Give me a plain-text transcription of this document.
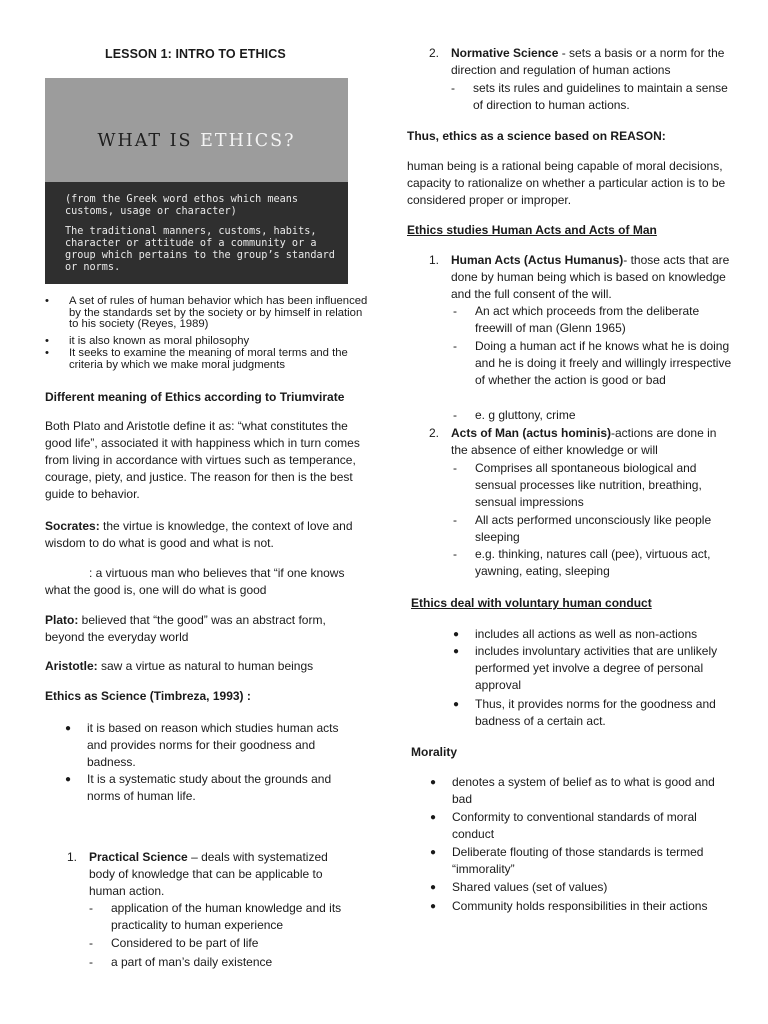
LESSON 1: INTRO TO ETHICS
WHAT IS ETHICS?
(from the Greek word ethos which means customs, usage or character)
The traditional manners, customs, habits, character or attitude of a community or a group which pertains to the group’s standard or norms.
• A set of rules of human behavior which has been influenced by the standards set by the society or by himself in relation to his society (Reyes, 1989)
• it is also known as moral philosophy
• It seeks to examine the meaning of moral terms and the criteria by which we make moral judgments

Different meaning of Ethics according to Triumvirate

Both Plato and Aristotle define it as: “what constitutes the good life”, associated it with happiness which in turn comes from living in accordance with virtues such as temperance, courage, piety, and justice. The reason for then is the best guide to behavior.

Socrates: the virtue is knowledge, the context of love and wisdom to do what is good and what is not.

: a virtuous man who believes that “if one knows what the good is, one will do what is good

Plato: believed that “the good” was an abstract form, beyond the everyday world

Aristotle: saw a virtue as natural to human beings

Ethics as Science (Timbreza, 1993) :

● it is based on reason which studies human acts and provides norms for their goodness and badness.
● It is a systematic study about the grounds and norms of human life.
1. Practical Science – deals with systematized body of knowledge that can be applicable to human action.
- application of the human knowledge and its practicality to human experience
- Considered to be part of life
- a part of man’s daily existence
2. Normative Science - sets a basis or a norm for the direction and regulation of human actions
- sets its rules and guidelines to maintain a sense of direction to human actions.

Thus, ethics as a science based on REASON:

human being is a rational being capable of moral decisions, capacity to rationalize on whether a particular action is to be considered proper or improper.

Ethics studies Human Acts and Acts of Man

1. Human Acts (Actus Humanus)- those acts that are done by human being which is based on knowledge and the full consent of the will.
- An act which proceeds from the deliberate freewill of man (Glenn 1965)
- Doing a human act if he knows what he is doing and he is doing it freely and willingly irrespective of whether the action is good or bad
- e. g gluttony, crime
2. Acts of Man (actus hominis)-actions are done in the absence of either knowledge or will
- Comprises all spontaneous biological and sensual processes like nutrition, breathing, sensual impressions
- All acts performed unconsciously like people sleeping
- e.g. thinking, natures call (pee), virtuous act, yawning, eating, sleeping

Ethics deal with voluntary human conduct

● includes all actions as well as non-actions
● includes involuntary activities that are unlikely performed yet involve a degree of personal approval
● Thus, it provides norms for the goodness and badness of a certain act.

Morality

● denotes a system of belief as to what is good and bad
● Conformity to conventional standards of moral conduct
● Deliberate flouting of those standards is termed “immorality”
● Shared values (set of values)
● Community holds responsibilities in their actions
